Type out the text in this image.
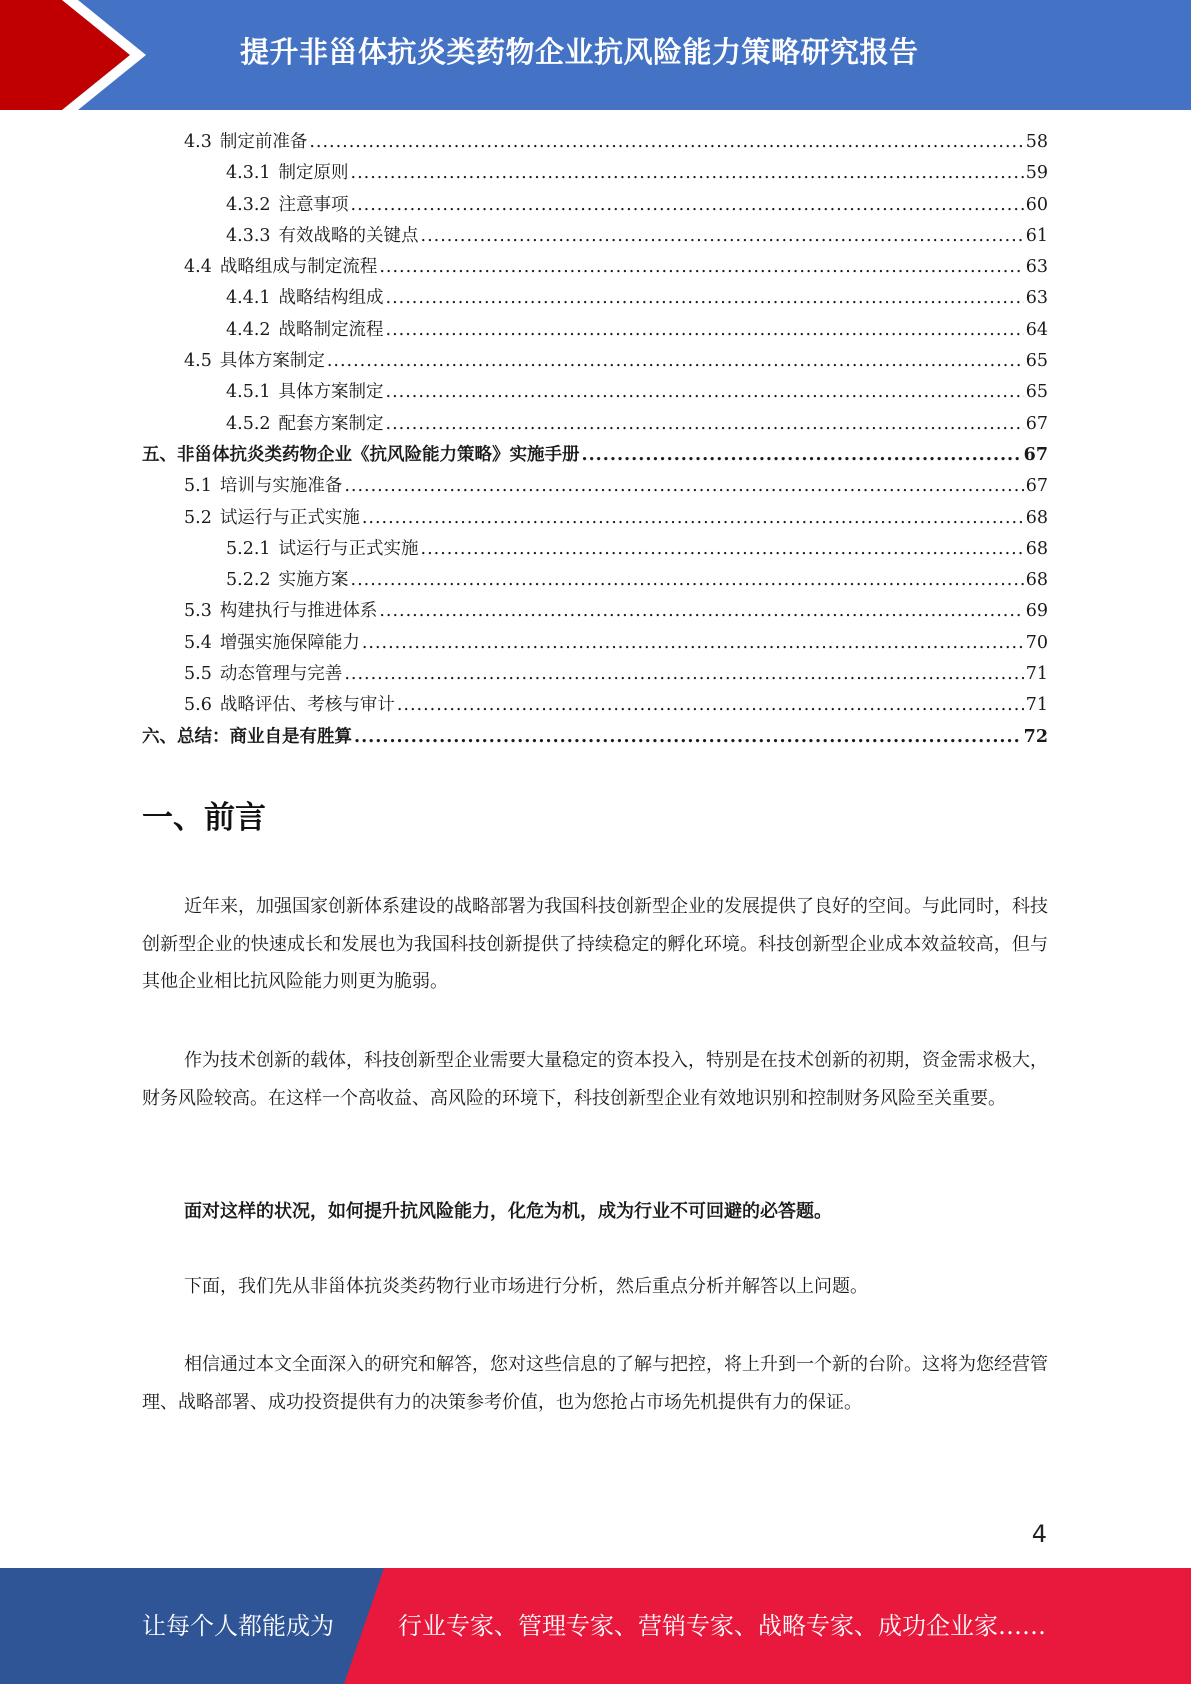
提升非甾体抗炎类药物企业抗风险能力策略研究报告
4.3 制定前准备 .....	58
4.3.1 制定原则 .....	59
4.3.2 注意事项 .....	60
4.3.3 有效战略的关键点 .....	61
4.4 战略组成与制定流程 .....	63
4.4.1 战略结构组成 .....	63
4.4.2 战略制定流程 .....	64
4.5 具体方案制定 .....	65
4.5.1 具体方案制定 .....	65
4.5.2 配套方案制定 .....	67
五、非甾体抗炎类药物企业《抗风险能力策略》实施手册 .....	67
5.1 培训与实施准备 .....	67
5.2 试运行与正式实施 .....	68
5.2.1 试运行与正式实施 .....	68
5.2.2 实施方案 .....	68
5.3 构建执行与推进体系 .....	69
5.4 增强实施保障能力 .....	70
5.5 动态管理与完善 .....	71
5.6 战略评估、考核与审计 .....	71
六、总结：商业自是有胜算 .....	72
一、前言

近年来，加强国家创新体系建设的战略部署为我国科技创新型企业的发展提供了良好的空间。与此同时，科技创新型企业的快速成长和发展也为我国科技创新提供了持续稳定的孵化环境。科技创新型企业成本效益较高，但与其他企业相比抗风险能力则更为脆弱。

作为技术创新的载体，科技创新型企业需要大量稳定的资本投入，特别是在技术创新的初期，资金需求极大，财务风险较高。在这样一个高收益、高风险的环境下，科技创新型企业有效地识别和控制财务风险至关重要。

面对这样的状况，如何提升抗风险能力，化危为机，成为行业不可回避的必答题。

下面，我们先从非甾体抗炎类药物行业市场进行分析，然后重点分析并解答以上问题。

相信通过本文全面深入的研究和解答，您对这些信息的了解与把控，将上升到一个新的台阶。这将为您经营管理、战略部署、成功投资提供有力的决策参考价值，也为您抢占市场先机提供有力的保证。

4
让每个人都能成为	行业专家、管理专家、营销专家、战略专家、成功企业家……
